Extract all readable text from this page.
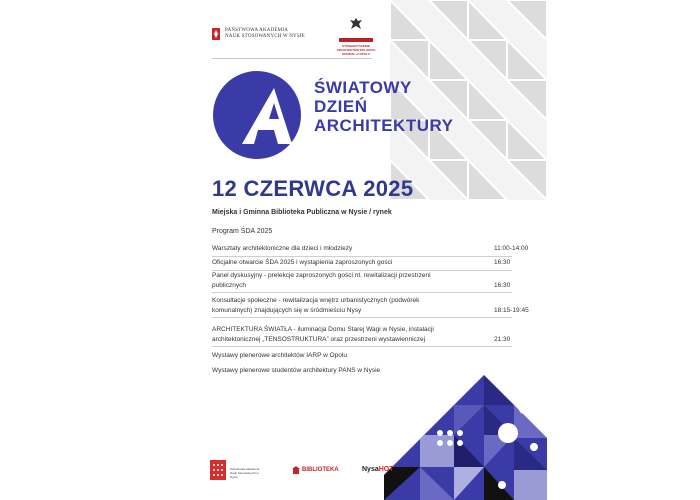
PAŃSTWOWA AKADEMIA
NAUK STOSOWANYCH W NYSIE
STOWARZYSZENIE ARCHITEKTÓW POLSKICH
ODDZIAŁ w OPOLU
ŚWIATOWY
DZIEŃ
ARCHITEKTURY
12 CZERWCA 2025
Miejska i Gminna Biblioteka Publiczna w Nysie / rynek
Program ŚDA 2025
Warsztaty architektoniczne dla dzieci i młodzieży	11:00-14:00
Oficjalne otwarcie ŚDA 2025 i wystąpienia zaproszonych gości	16:30
Panel dyskusyjny - prelekcje zaproszonych gości nt. rewitalizacji przestrzeni publicznych	16:30
Konsultacje społeczne - rewitalizacja wnętrz urbanistycznych (podwórek komunalnych) znajdujących się w śródmieściu Nysy	18:15-19:45
ARCHITEKTURA ŚWIATŁA - iluminacja Domu Starej Wagi w Nysie, instalacji architektonicznej „TENSOSTRUKTURA” oraz przestrzeni wystawienniczej	21:30
Wystawy plenerowe architektów IARP w Opolu
Wystawy plenerowe studentów architektury PANS w Nysie
Państwowa Akademia Nauk Stosowanych w Nysie
BIBLIOTEKA	NysaHOT
